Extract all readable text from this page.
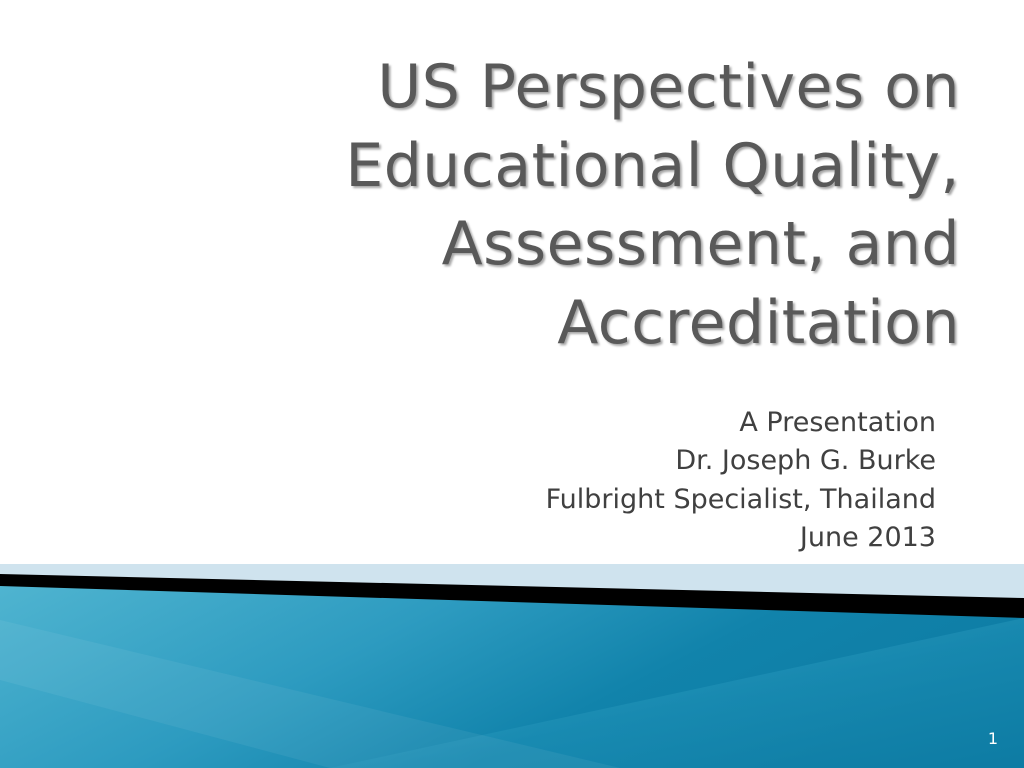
US Perspectives on
Educational Quality,
Assessment, and
Accreditation
A Presentation
Dr. Joseph G. Burke
Fulbright Specialist, Thailand
June 2013
1
